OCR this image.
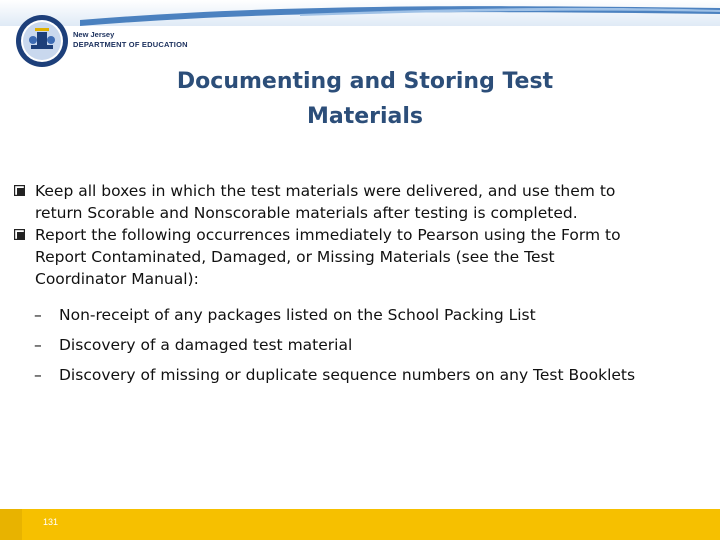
New Jersey
DEPARTMENT OF EDUCATION
Documenting and Storing Test
Materials
Keep all boxes in which the test materials were delivered, and use them to
return Scorable and Nonscorable materials after testing is completed.
Report the following occurrences immediately to Pearson using the Form to
Report Contaminated, Damaged, or Missing Materials (see the Test
Coordinator Manual):
– Non-receipt of any packages listed on the School Packing List
– Discovery of a damaged test material
– Discovery of missing or duplicate sequence numbers on any Test Booklets
131
